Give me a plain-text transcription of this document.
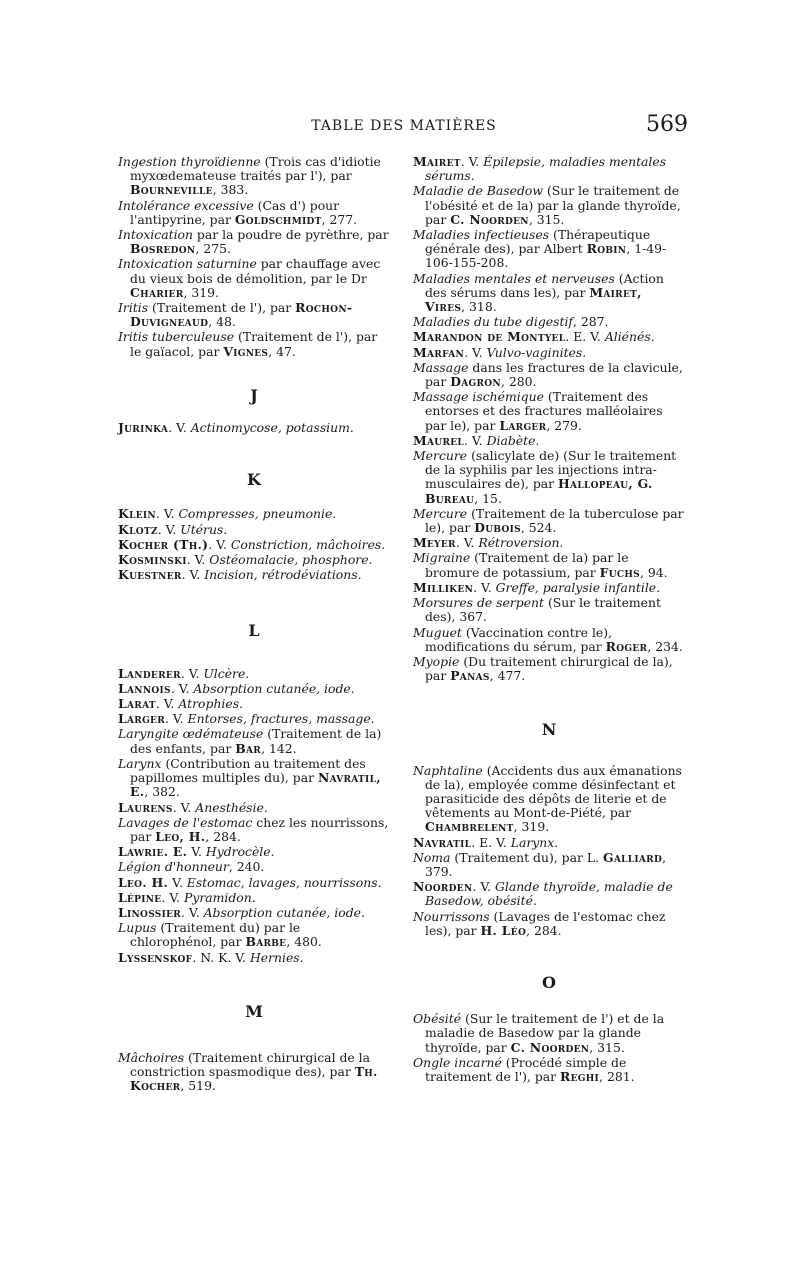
TABLE DES MATIÈRES	569
Ingestion thyroïdienne (Trois cas d'idiotie myxœdemateuse traités par l'), par Bourneville, 383.
Intolérance excessive (Cas d') pour l'antipyrine, par Goldschmidt, 277.
Intoxication par la poudre de pyrèthre, par Bosredon, 275.
Intoxication saturnine par chauffage avec du vieux bois de démolition, par le Dr Charier, 319.
Iritis (Traitement de l'), par Rochon-Duvigneaud, 48.
Iritis tuberculeuse (Traitement de l'), par le gaïacol, par Vignes, 47.
J
Jurinka. V. Actinomycose, potassium.
K
Klein. V. Compresses, pneumonie.
Klotz. V. Utérus.
Kocher (Th.). V. Constriction, mâchoires.
Kosminski. V. Ostéomalacie, phosphore.
Kuestner. V. Incision, rétrodéviations.
L
Landerer. V. Ulcère.
Lannois. V. Absorption cutanée, iode.
Larat. V. Atrophies.
Larger. V. Entorses, fractures, massage.
Laryngite œdémateuse (Traitement de la) des enfants, par Bar, 142.
Larynx (Contribution au traitement des papillomes multiples du), par Navratil, E., 382.
Laurens. V. Anesthésie.
Lavages de l'estomac chez les nourrissons, par Leo, H., 284.
Lawrie. E. V. Hydrocèle.
Légion d'honneur, 240.
Leo. H. V. Estomac, lavages, nourrissons.
Lépine. V. Pyramidon.
Linossier. V. Absorption cutanée, iode.
Lupus (Traitement du) par le chlorophénol, par Barbe, 480.
Lyssenskof. N. K. V. Hernies.
M
Mâchoires (Traitement chirurgical de la constriction spasmodique des), par Th. Kocher, 519.
Mairet. V. Épilepsie, maladies mentales sérums.
Maladie de Basedow (Sur le traitement de l'obésité et de la) par la glande thyroïde, par C. Noorden, 315.
Maladies infectieuses (Thérapeutique générale des), par Albert Robin, 1-49-106-155-208.
Maladies mentales et nerveuses (Action des sérums dans les), par Mairet, Vires, 318.
Maladies du tube digestif, 287.
Marandon de Montyel. E. V. Aliénés.
Marfan. V. Vulvo-vaginites.
Massage dans les fractures de la clavicule, par Dagron, 280.
Massage ischémique (Traitement des entorses et des fractures malléolaires par le), par Larger, 279.
Maurel. V. Diabète.
Mercure (salicylate de) (Sur le traitement de la syphilis par les injections intra-musculaires de), par Hallopeau, G. Bureau, 15.
Mercure (Traitement de la tuberculose par le), par Dubois, 524.
Meyer. V. Rétroversion.
Migraine (Traitement de la) par le bromure de potassium, par Fuchs, 94.
Milliken. V. Greffe, paralysie infantile.
Morsures de serpent (Sur le traitement des), 367.
Muguet (Vaccination contre le), modifications du sérum, par Roger, 234.
Myopie (Du traitement chirurgical de la), par Panas, 477.
N
Naphtaline (Accidents dus aux émanations de la), employée comme désinfectant et parasiticide des dépôts de literie et de vêtements au Mont-de-Piété, par Chambrelent, 319.
Navratil. E. V. Larynx.
Noma (Traitement du), par L. Galliard, 379.
Noorden. V. Glande thyroïde, maladie de Basedow, obésité.
Nourrissons (Lavages de l'estomac chez les), par H. Léo, 284.
O
Obésité (Sur le traitement de l') et de la maladie de Basedow par la glande thyroïde, par C. Noorden, 315.
Ongle incarné (Procédé simple de traitement de l'), par Reghi, 281.
